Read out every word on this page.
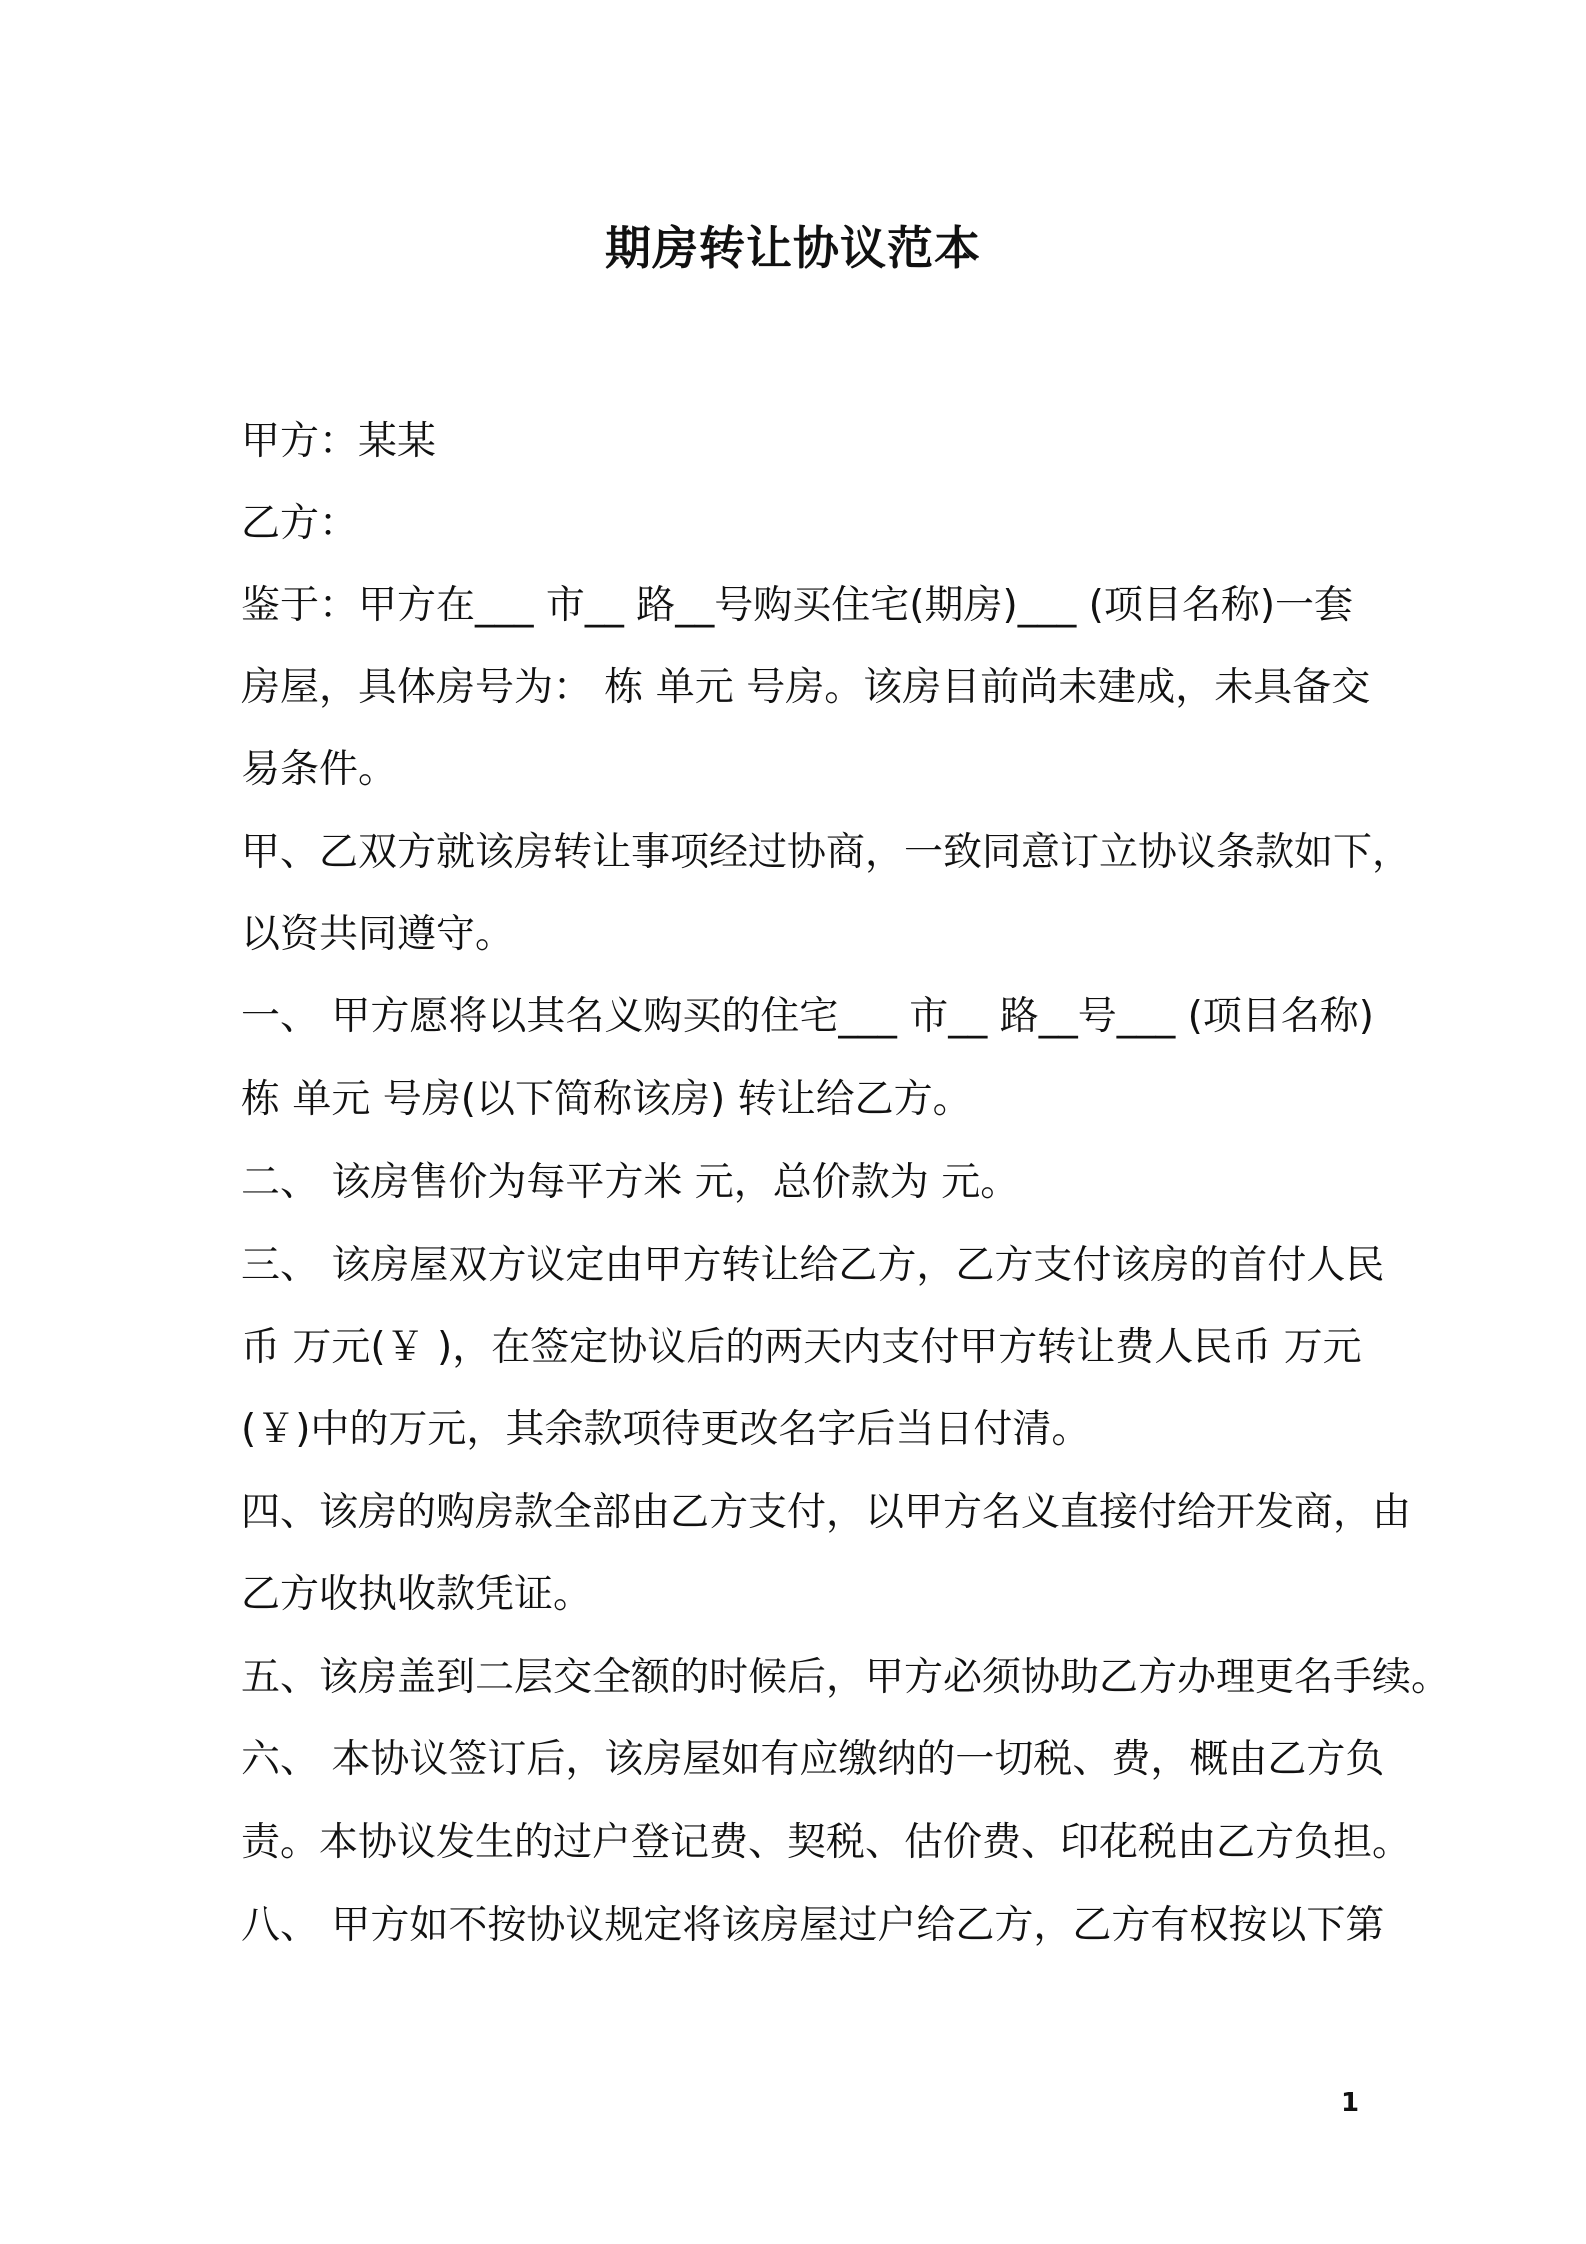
期房转让协议范本
甲方：某某
乙方：
鉴于：甲方在___ 市__ 路__号购买住宅(期房)___ (项目名称)一套
房屋，具体房号为： 栋 单元 号房。该房目前尚未建成，未具备交
易条件。
甲、乙双方就该房转让事项经过协商，一致同意订立协议条款如下，
以资共同遵守。
一、 甲方愿将以其名义购买的住宅___ 市__ 路__号___ (项目名称)
栋 单元 号房(以下简称该房) 转让给乙方。
二、 该房售价为每平方米 元，总价款为 元。
三、 该房屋双方议定由甲方转让给乙方，乙方支付该房的首付人民
币 万元(￥ )，在签定协议后的两天内支付甲方转让费人民币 万元
(￥)中的万元，其余款项待更改名字后当日付清。
四、该房的购房款全部由乙方支付，以甲方名义直接付给开发商，由
乙方收执收款凭证。
五、该房盖到二层交全额的时候后，甲方必须协助乙方办理更名手续。
六、 本协议签订后，该房屋如有应缴纳的一切税、费，概由乙方负
责。本协议发生的过户登记费、契税、估价费、印花税由乙方负担。
八、 甲方如不按协议规定将该房屋过户给乙方，乙方有权按以下第
1
